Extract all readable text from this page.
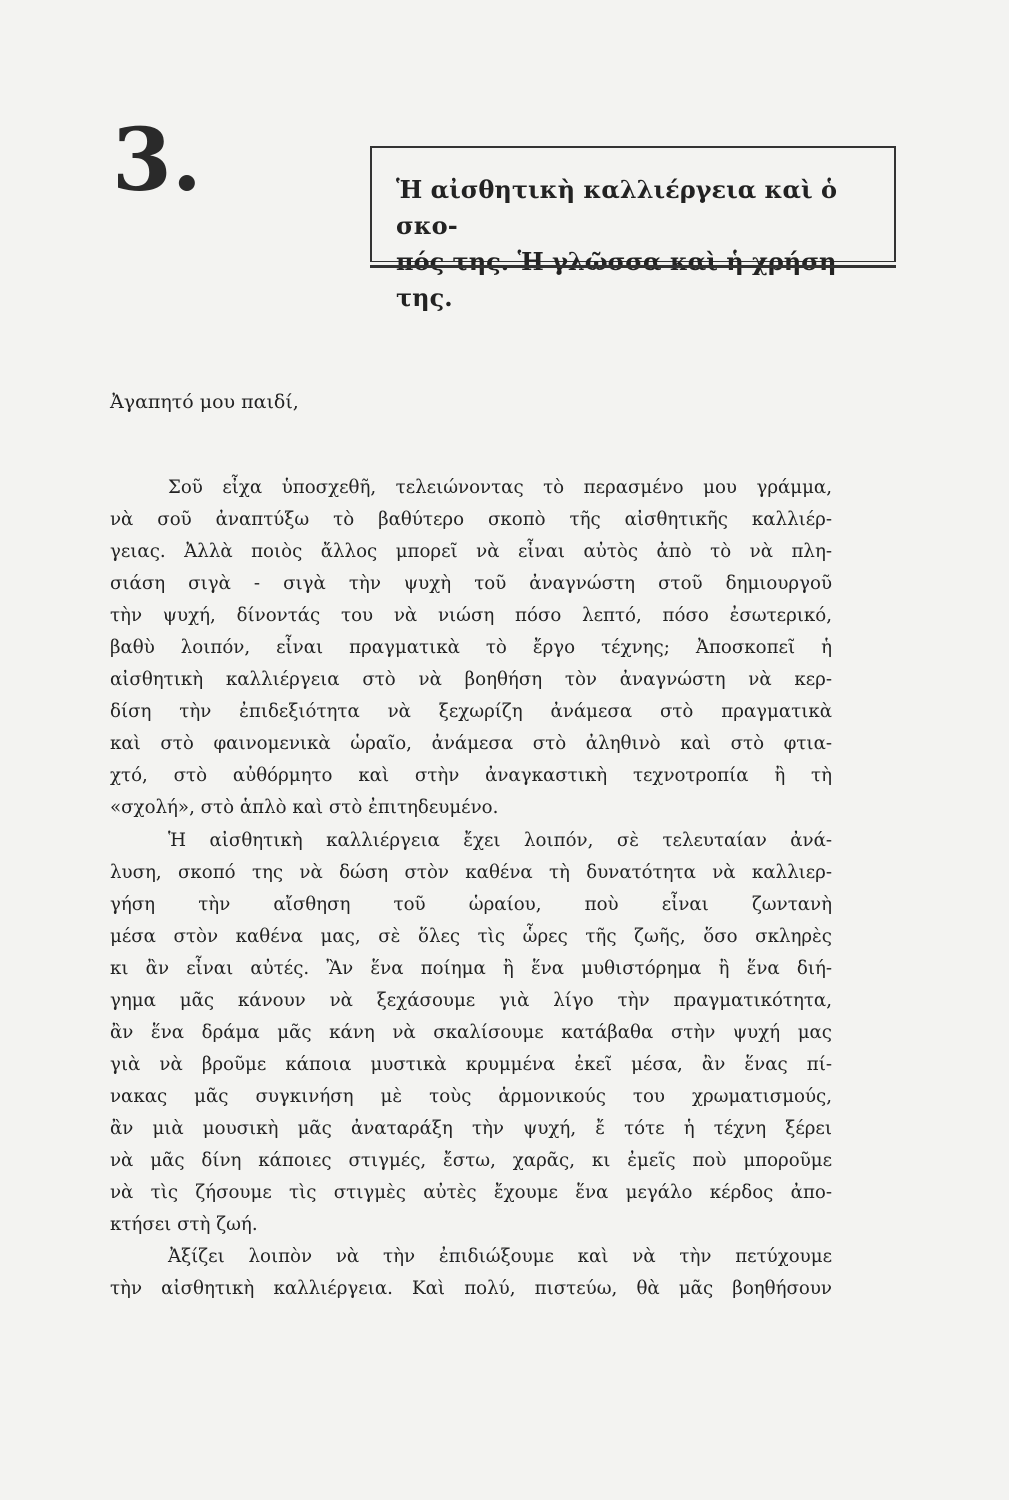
3.	Ἡ αἰσθητικὴ καλλιέργεια καὶ ὁ σκο-
πός της. Ἡ γλῶσσα καὶ ἡ χρήση της.
Ἀγαπητό μου παιδί,
Σοῦ εἶχα ὑποσχεθῆ, τελειώνοντας τὸ περασμένο μου γράμμα,
νὰ σοῦ ἀναπτύξω τὸ βαθύτερο σκοπὸ τῆς αἰσθητικῆς καλλιέρ-
γειας. Ἀλλὰ ποιὸς ἄλλος μπορεῖ νὰ εἶναι αὐτὸς ἀπὸ τὸ νὰ πλη-
σιάση σιγὰ - σιγὰ τὴν ψυχὴ τοῦ ἀναγνώστη στοῦ δημιουργοῦ
τὴν ψυχή, δίνοντάς του νὰ νιώση πόσο λεπτό, πόσο ἐσωτερικό,
βαθὺ λοιπόν, εἶναι πραγματικὰ τὸ ἔργο τέχνης; Ἀποσκοπεῖ ἡ
αἰσθητικὴ καλλιέργεια στὸ νὰ βοηθήση τὸν ἀναγνώστη νὰ κερ-
δίση τὴν ἐπιδεξιότητα νὰ ξεχωρίζη ἀνάμεσα στὸ πραγματικὰ
καὶ στὸ φαινομενικὰ ὡραῖο, ἀνάμεσα στὸ ἀληθινὸ καὶ στὸ φτια-
χτό, στὸ αὐθόρμητο καὶ στὴν ἀναγκαστικὴ τεχνοτροπία ἢ τὴ
«σχολή», στὸ ἁπλὸ καὶ στὸ ἐπιτηδευμένο.
Ἡ αἰσθητικὴ καλλιέργεια ἔχει λοιπόν, σὲ τελευταίαν ἀνά-
λυση, σκοπό της νὰ δώση στὸν καθένα τὴ δυνατότητα νὰ καλλιερ-
γήση τὴν αἴσθηση τοῦ ὡραίου, ποὺ εἶναι ζωντανὴ
μέσα στὸν καθένα μας, σὲ ὅλες τὶς ὧρες τῆς ζωῆς, ὅσο σκληρὲς
κι ἂν εἶναι αὐτές. Ἂν ἕνα ποίημα ἢ ἕνα μυθιστόρημα ἢ ἕνα διή-
γημα μᾶς κάνουν νὰ ξεχάσουμε γιὰ λίγο τὴν πραγματικότητα,
ἂν ἕνα δράμα μᾶς κάνη νὰ σκαλίσουμε κατάβαθα στὴν ψυχή μας
γιὰ νὰ βροῦμε κάποια μυστικὰ κρυμμένα ἐκεῖ μέσα, ἂν ἕνας πί-
νακας μᾶς συγκινήση μὲ τοὺς ἁρμονικούς του χρωματισμούς,
ἂν μιὰ μουσικὴ μᾶς ἀναταράξη τὴν ψυχή, ἔ τότε ἡ τέχνη ξέρει
νὰ μᾶς δίνη κάποιες στιγμές, ἔστω, χαρᾶς, κι ἐμεῖς ποὺ μποροῦμε
νὰ τὶς ζήσουμε τὶς στιγμὲς αὐτὲς ἔχουμε ἕνα μεγάλο κέρδος ἀπο-
κτήσει στὴ ζωή.
Ἀξίζει λοιπὸν νὰ τὴν ἐπιδιώξουμε καὶ νὰ τὴν πετύχουμε
τὴν αἰσθητικὴ καλλιέργεια. Καὶ πολύ, πιστεύω, θὰ μᾶς βοηθήσουν
